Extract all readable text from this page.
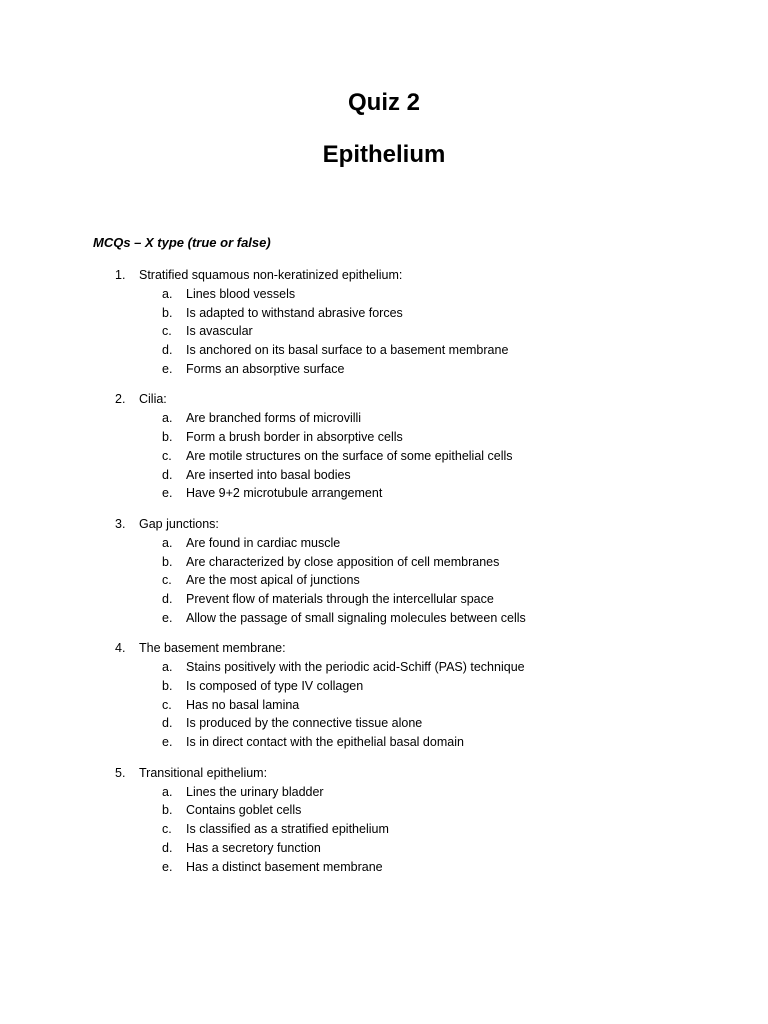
Quiz 2
Epithelium
MCQs – X type (true or false)
1. Stratified squamous non-keratinized epithelium:
a. Lines blood vessels
b. Is adapted to withstand abrasive forces
c. Is avascular
d. Is anchored on its basal surface to a basement membrane
e. Forms an absorptive surface
2. Cilia:
a. Are branched forms of microvilli
b. Form a brush border in absorptive cells
c. Are motile structures on the surface of some epithelial cells
d. Are inserted into basal bodies
e. Have 9+2 microtubule arrangement
3. Gap junctions:
a. Are found in cardiac muscle
b. Are characterized by close apposition of cell membranes
c. Are the most apical of junctions
d. Prevent flow of materials through the intercellular space
e. Allow the passage of small signaling molecules between cells
4. The basement membrane:
a. Stains positively with the periodic acid-Schiff (PAS) technique
b. Is composed of type IV collagen
c. Has no basal lamina
d. Is produced by the connective tissue alone
e. Is in direct contact with the epithelial basal domain
5. Transitional epithelium:
a. Lines the urinary bladder
b. Contains goblet cells
c. Is classified as a stratified epithelium
d. Has a secretory function
e. Has a distinct basement membrane
